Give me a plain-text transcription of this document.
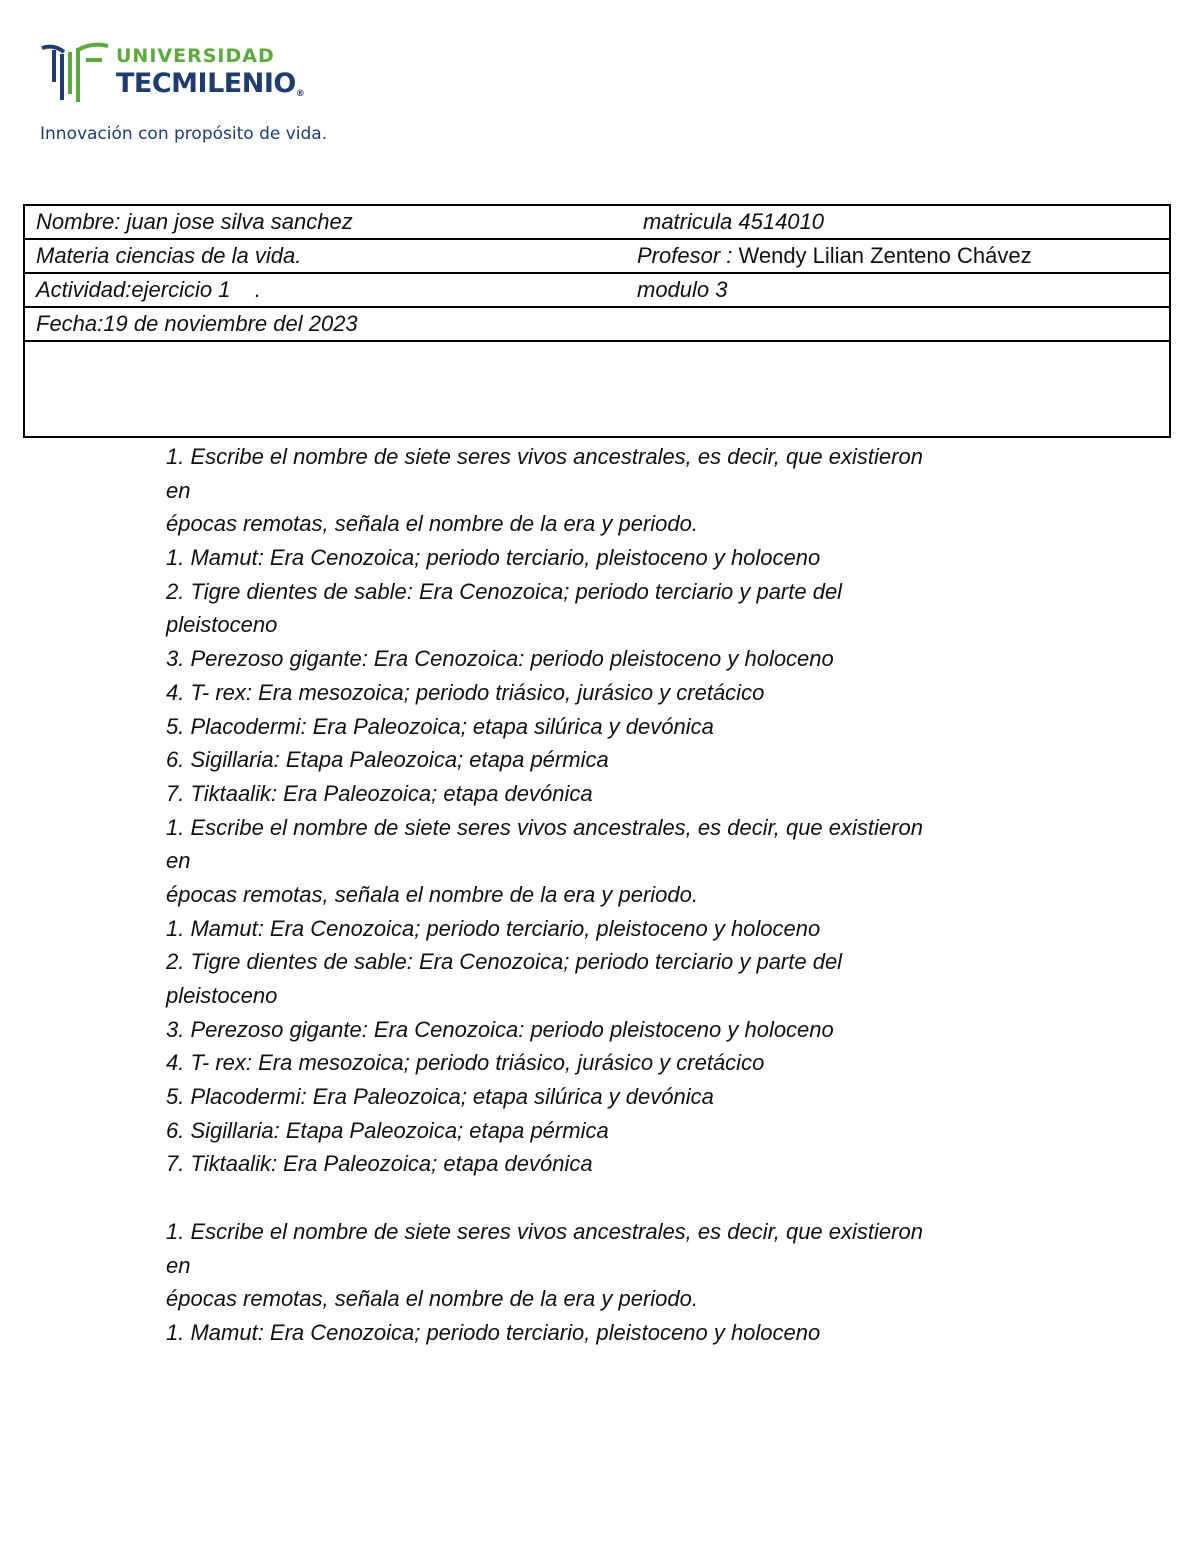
UNIVERSIDAD
TECMILENIO®
Innovación con propósito de vida.
Nombre: juan jose silva sanchez	matricula 4514010
Materia ciencias de la vida.	Profesor : Wendy Lilian Zenteno Chávez
Actividad:ejercicio 1    .	modulo 3
Fecha:19 de noviembre del 2023
1. Escribe el nombre de siete seres vivos ancestrales, es decir, que existieron
en
épocas remotas, señala el nombre de la era y periodo.
1. Mamut: Era Cenozoica; periodo terciario, pleistoceno y holoceno
2. Tigre dientes de sable: Era Cenozoica; periodo terciario y parte del
pleistoceno
3. Perezoso gigante: Era Cenozoica: periodo pleistoceno y holoceno
4. T- rex: Era mesozoica; periodo triásico, jurásico y cretácico
5. Placodermi: Era Paleozoica; etapa silúrica y devónica
6. Sigillaria: Etapa Paleozoica; etapa pérmica
7. Tiktaalik: Era Paleozoica; etapa devónica
1. Escribe el nombre de siete seres vivos ancestrales, es decir, que existieron
en
épocas remotas, señala el nombre de la era y periodo.
1. Mamut: Era Cenozoica; periodo terciario, pleistoceno y holoceno
2. Tigre dientes de sable: Era Cenozoica; periodo terciario y parte del
pleistoceno
3. Perezoso gigante: Era Cenozoica: periodo pleistoceno y holoceno
4. T- rex: Era mesozoica; periodo triásico, jurásico y cretácico
5. Placodermi: Era Paleozoica; etapa silúrica y devónica
6. Sigillaria: Etapa Paleozoica; etapa pérmica
7. Tiktaalik: Era Paleozoica; etapa devónica
1. Escribe el nombre de siete seres vivos ancestrales, es decir, que existieron
en
épocas remotas, señala el nombre de la era y periodo.
1. Mamut: Era Cenozoica; periodo terciario, pleistoceno y holoceno
